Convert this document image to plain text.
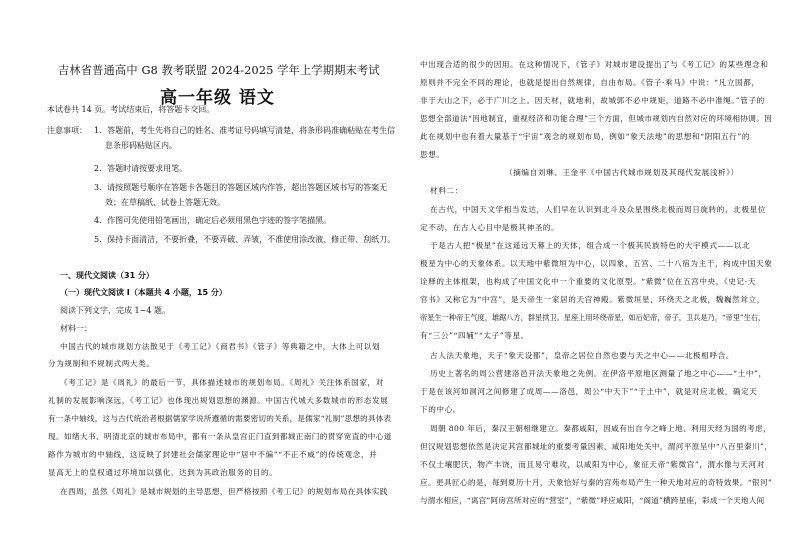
吉林省普通高中 G8 教考联盟 2024-2025 学年上学期期末考试
高一年级 语文
本试卷共 14 页。考试结束后，将答题卡交回。
注意事项： 1．答题前，考生先将自己的姓名、准考证号码填写清楚，将条形码准确粘贴在考生信
息条形码粘贴区内。
2．答题时请按要求用笔。
3．请按照题号顺序在答题卡各题目的答题区域内作答，超出答题区域书写的答案无
效；在草稿纸、试卷上答题无效。
4．作图可先使用铅笔画出，确定后必须用黑色字迹的签字笔描黑。
5．保持卡面清洁，不要折叠，不要弄破、弄皱，不准使用涂改液、修正带、刮纸刀。
一、现代文阅读（31 分）
（一）现代文阅读 I（本题共 4 小题，15 分）
阅读下列文字，完成 1~4 题。
材料一：
中国古代的城市规划方法散见于《考工记》《商君书》《管子》等典籍之中，大体上可以划
分为规制和不规制式两大类。
《考工记》是《周礼》的最后一节，具体描述城市的规划布局。《周礼》关注体系国家，对
礼制的发展影响深远，《考工记》也体现出规划思想的渊源。中国古代城大多数城市的形态发展
有一条中轴线，这与古代统治者根据儒家学说所遵循的需要密切的关系，是儒家“礼制”思想的具体表
现。如绪大书、明清北京的城市布局中，都有一条从皇宫正门直到都城正南门的贯穿宽直的中心道
路作为城市的中轴线，这反映了封建社会儒家理论中“居中不偏”“不正不威”的传统观念，并
显高无上的皇权通过环境加以强化，达到为其政治服务的目的。
在西周，虽然《周礼》是城市规划的主导思想，但严格按照《考工记》的规划布局在具体实践
中出现合适的很少的因用。在这种情况下，《管子》对城市建设提出了与《考工记》的某些理念和
原则并不完全不同的理论，也就是提出自然规律，自由布局。《管子·乘马》中说：“凡立国都，
非于大山之下，必于广川之上。因天材，就地利，故城郭不必中规矩，道路不必中准绳。”管子的
思想全部道法“因地制宜，重视经济和功能合理”三个方面，但城市规划内自然对应的环境相协调。因
此在规划中也有着大量基于“宇宙”观念的规划布局，例如“象天法地”的思想和“阴阳五行”的
思想。
（摘编自刘琳、王金平《中国古代城市规划及其现代发展浅析》）
材料二：
在古代，中国天文学相当发达，人们早在认识到北斗及众星围绕北极而周日旋转的，北极星位
定不动，在古人心目中是极其神圣的。
于是古人把“极星”在这遥远天幕上的天体，组合成一个极其民族特色的大宇模式——以北
极星为中心的天象体系。以天地中紫微垣为中心，以四象、五宫、二十八宿为主干，构成中国天象
诠释的主体框架，也构成了中国文化中一个重要的文化原型。“紫微”位在五宫中央，《史记·天
官书》又称它为“中宫”，是天帝生一家居的天宫神殿。紫微垣星，环绕天之北极，魏巍然耸立，
帝星生一种帝王气度，雄踞八方，群星拱卫。星座上用环绕帝星，如后妃帝，帝子，卫兵是乃，“帝里”生右，
有“三公”“四辅”“太子”等星。
古人法天象地，天子“象天设都”，皇帝之居位自然也要与天之中心——北极相呼合。
历史上著名的周公营建洛邑开法天象地之先例。在伊洛平原地区测量了地之中心——“土中”，
于是在该河如洞河之间修建了成周——洛邑，周公“中天下”“于土中”，就是对应北极，确定天
下的中心。
周朝 800 年后，秦汉王朝相继建立。秦都咸阳，因咸有出自今之峰上地、利用天经为国的考虑，
但汉规划思想依然是决定其宫都城址的重要考量因素，咸阳地处关中，渭河平原呈中“八百里秦川”，
不仅土壤肥沃，物产丰饶，而且易守难攻，以咸阳为中心，象征天帝“紫微宫”，渭水像与天河对
应。更具匠心的是，每到夏历十月，天象恰好与秦的宫苑布局产生一种天地对应的奇特效果。“银河”
与渭水相应，“离宫”阿房宫所对应的“营室”，“紫微”呼应咸阳，“阁道”横跨星座，彩成一个天地人间
